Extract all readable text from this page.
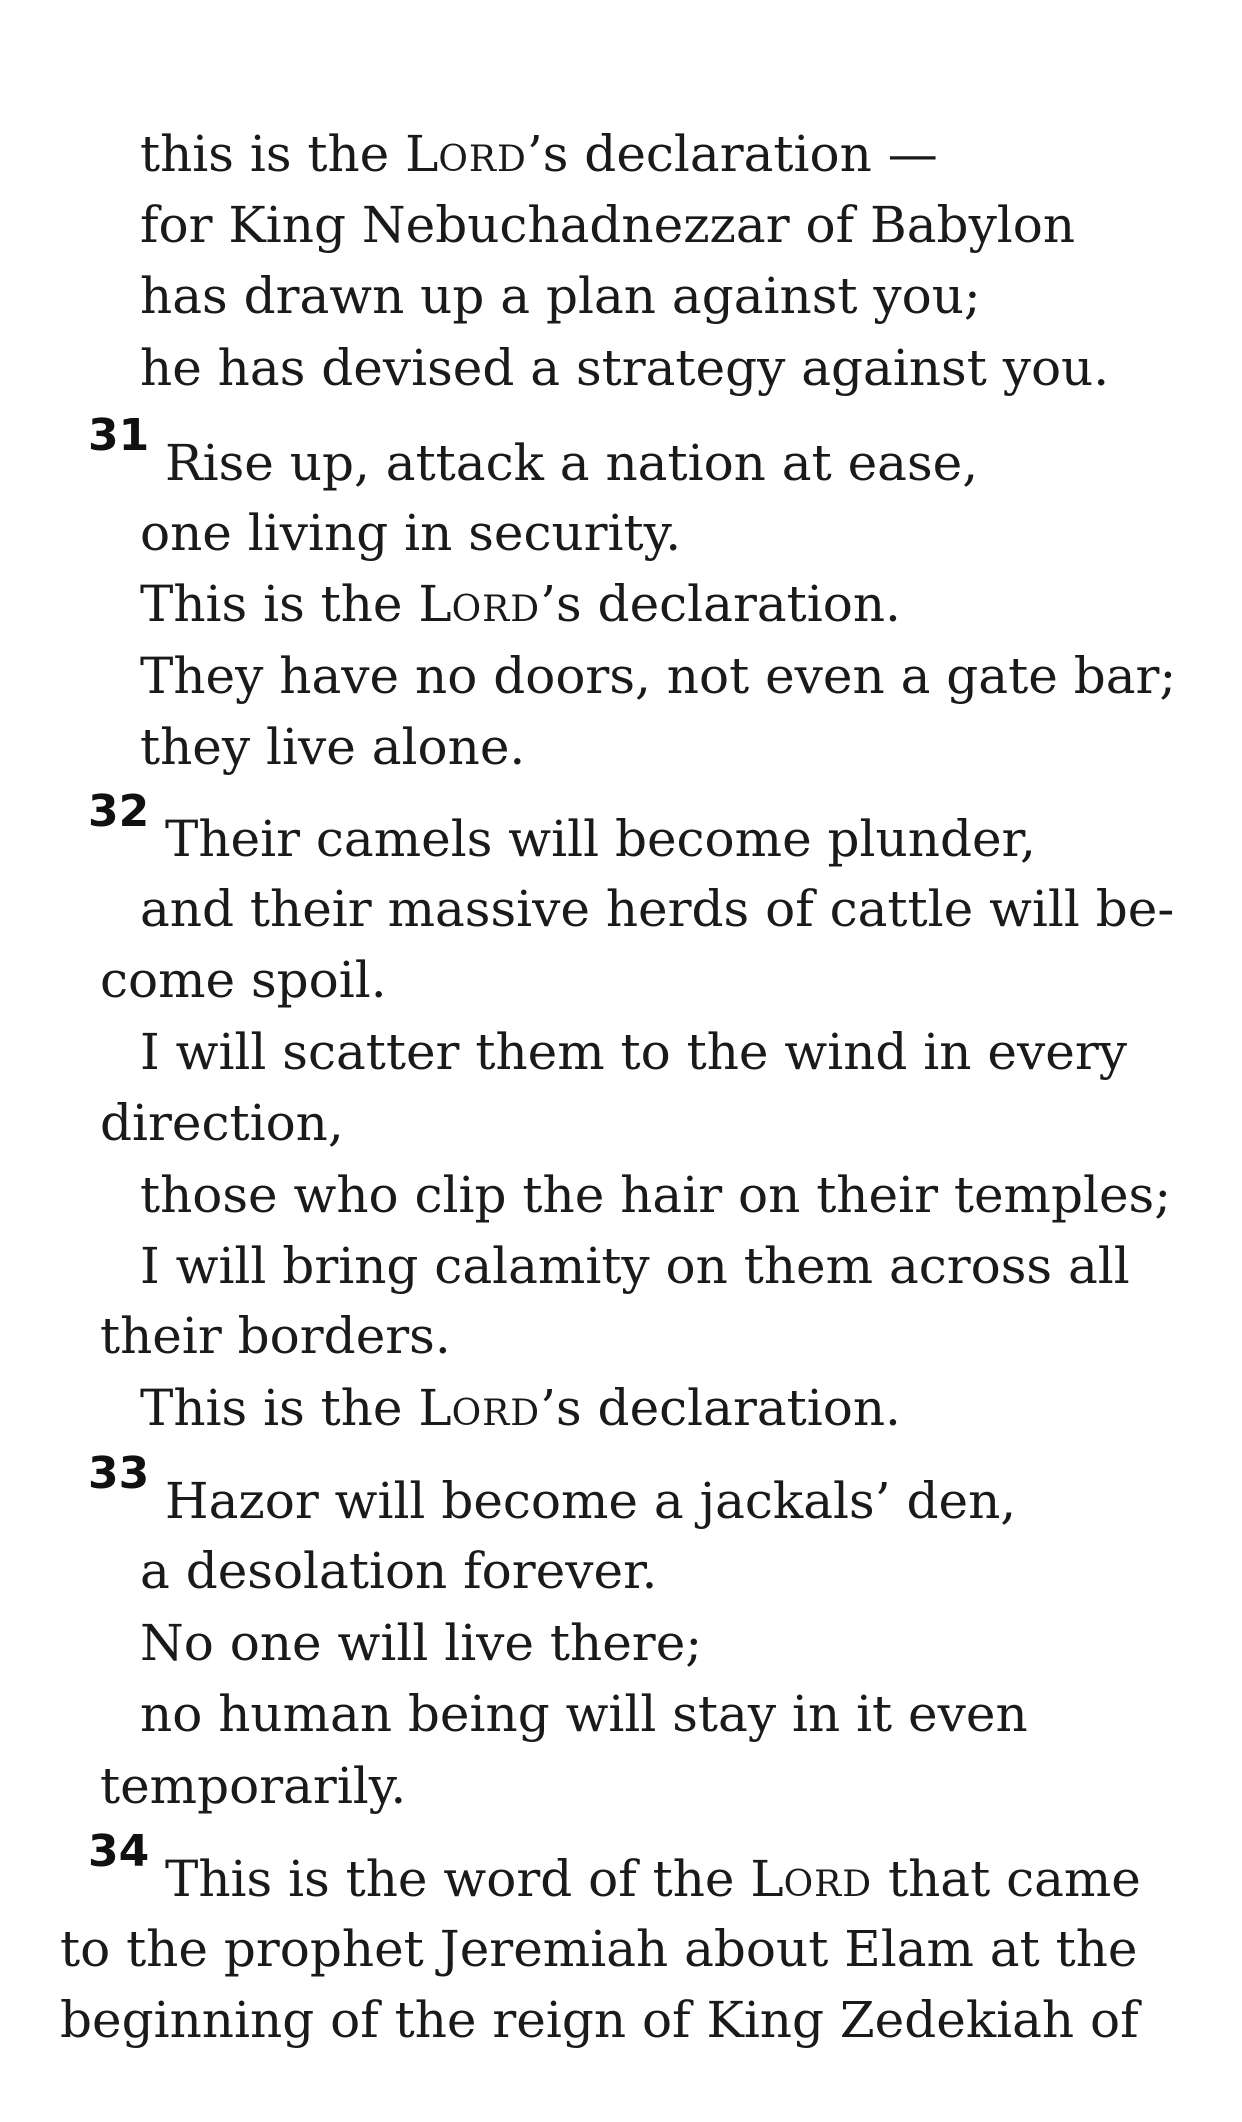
this is the LORD’s declaration —
for King Nebuchadnezzar of Babylon
has drawn up a plan against you;
he has devised a strategy against you.
31 Rise up, attack a nation at ease,
one living in security.
This is the LORD’s declaration.
They have no doors, not even a gate bar;
they live alone.
32 Their camels will become plunder,
and their massive herds of cattle will be-
come spoil.
I will scatter them to the wind in every
direction,
those who clip the hair on their temples;
I will bring calamity on them across all
their borders.
This is the LORD’s declaration.
33 Hazor will become a jackals’ den,
a desolation forever.
No one will live there;
no human being will stay in it even
temporarily.
34 This is the word of the LORD that came
to the prophet Jeremiah about Elam at the
beginning of the reign of King Zedekiah of
